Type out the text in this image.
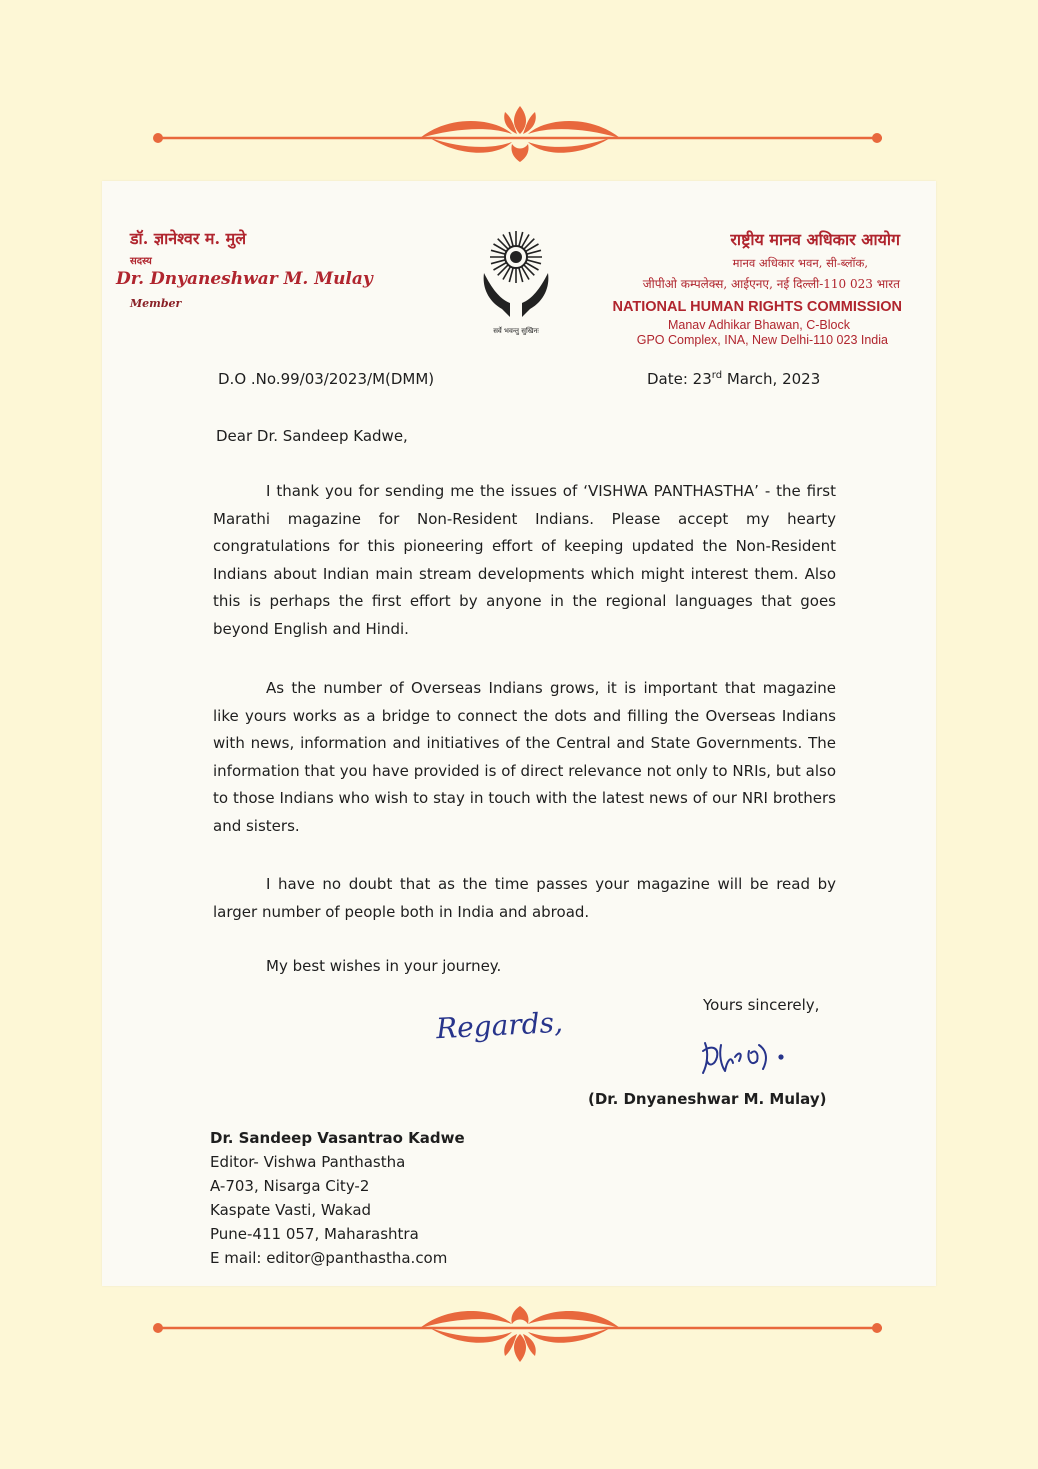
डॉ. ज्ञानेश्वर म. मुले
सदस्य
Dr. Dnyaneshwar M. Mulay
Member
सर्वे भवन्तु सुखिनः
राष्ट्रीय मानव अधिकार आयोग
मानव अधिकार भवन, सी-ब्लॉक,
जीपीओ कम्पलेक्स, आईएनए, नई दिल्ली-110 023 भारत
NATIONAL HUMAN RIGHTS COMMISSION
Manav Adhikar Bhawan, C-Block
GPO Complex, INA, New Delhi-110 023 India
D.O .No.99/03/2023/M(DMM)	Date: 23rd March, 2023
Dear Dr. Sandeep Kadwe,
I thank you for sending me the issues of ‘VISHWA PANTHASTHA’ - the first Marathi magazine for Non-Resident Indians. Please accept my hearty congratulations for this pioneering effort of keeping updated the Non-Resident Indians about Indian main stream developments which might interest them. Also this is perhaps the first effort by anyone in the regional languages that goes beyond English and Hindi.
As the number of Overseas Indians grows, it is important that magazine like yours works as a bridge to connect the dots and filling the Overseas Indians with news, information and initiatives of the Central and State Governments. The information that you have provided is of direct relevance not only to NRIs, but also to those Indians who wish to stay in touch with the latest news of our NRI brothers and sisters.
I have no doubt that as the time passes your magazine will be read by larger number of people both in India and abroad.
My best wishes in your journey.
Yours sincerely,
Regards,
(Dr. Dnyaneshwar M. Mulay)
Dr. Sandeep Vasantrao Kadwe
Editor- Vishwa Panthastha
A-703, Nisarga City-2
Kaspate Vasti, Wakad
Pune-411 057, Maharashtra
E mail: editor@panthastha.com
